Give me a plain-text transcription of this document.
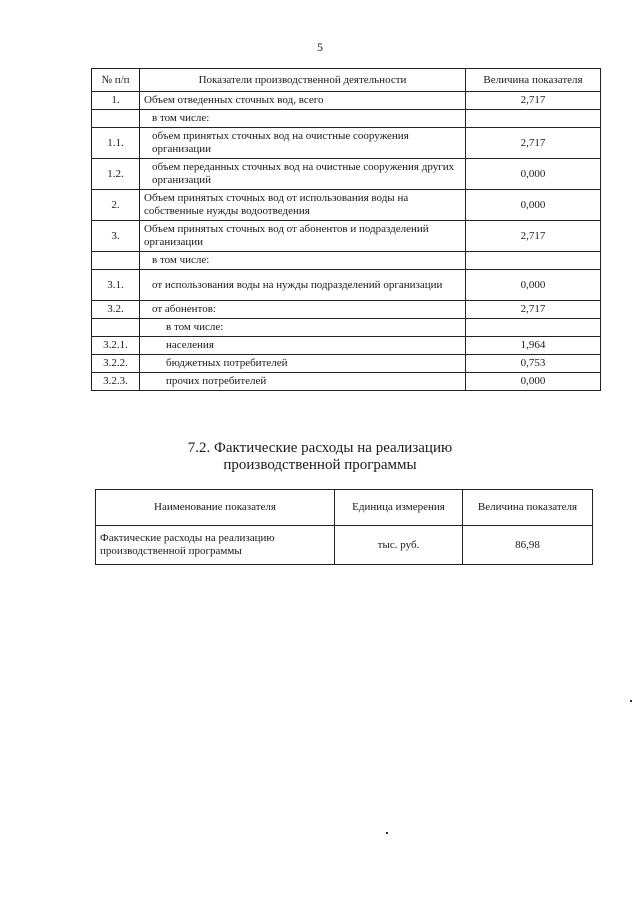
5
№ п/п	Показатели производственной деятельности	Величина показателя
1.	Объем отведенных сточных вод, всего	2,717
	в том числе:	
1.1.	объем принятых сточных вод на очистные сооружения организации	2,717
1.2.	объем переданных сточных вод на очистные сооружения других организаций	0,000
2.	Объем принятых сточных вод от использования воды на собственные нужды водоотведения	0,000
3.	Объем принятых сточных вод от абонентов и подразделений организации	2,717
	в том числе:	
3.1.	от использования воды на нужды подразделений организации	0,000
3.2.	от абонентов:	2,717
	в том числе:	
3.2.1.	населения	1,964
3.2.2.	бюджетных потребителей	0,753
3.2.3.	прочих потребителей	0,000
7.2. Фактические расходы на реализацию
производственной программы
Наименование показателя	Единица измерения	Величина показателя
Фактические расходы на реализацию производственной программы	тыс. руб.	86,98
